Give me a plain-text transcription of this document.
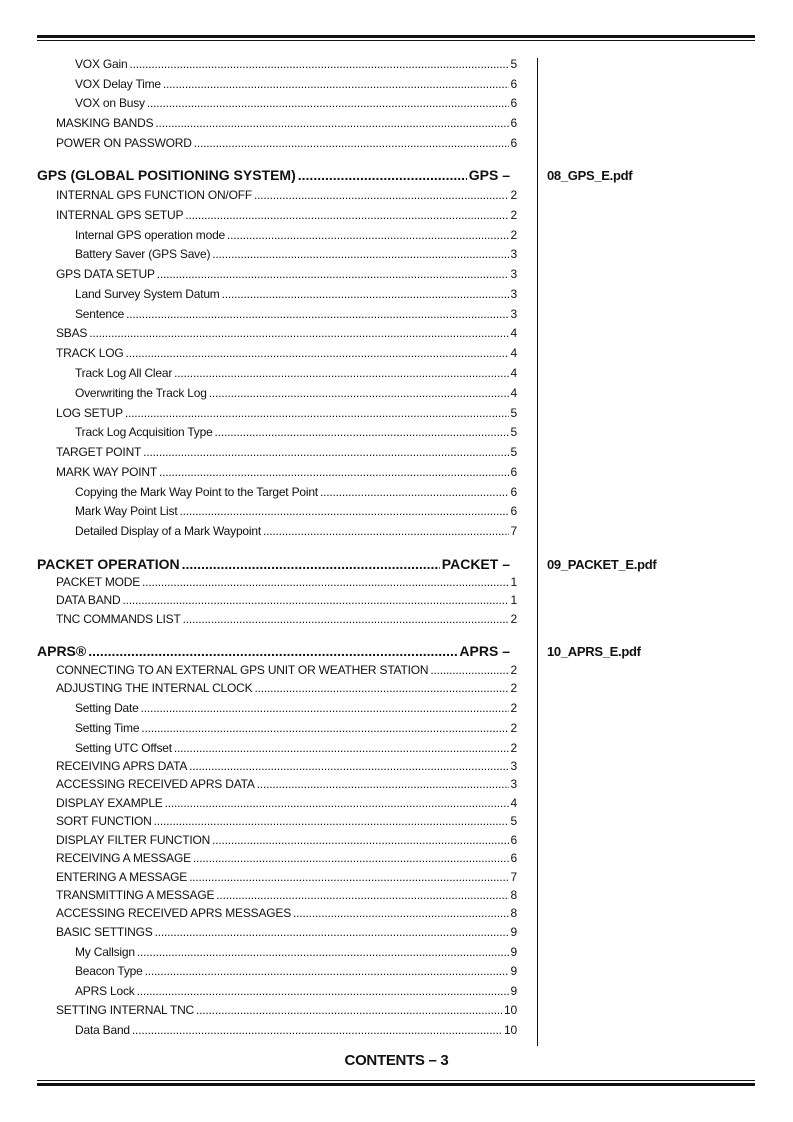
VOX Gain .....	5
VOX Delay Time .....	6
VOX on Busy .....	6
MASKING BANDS .....	6
POWER ON PASSWORD .....	6
GPS (GLOBAL POSITIONING SYSTEM) .....	GPS –	08_GPS_E.pdf
INTERNAL GPS FUNCTION ON/OFF .....	2
INTERNAL GPS SETUP .....	2
Internal GPS operation mode .....	2
Battery Saver (GPS Save) .....	3
GPS DATA SETUP .....	3
Land Survey System Datum .....	3
Sentence .....	3
SBAS .....	4
TRACK LOG .....	4
Track Log All Clear .....	4
Overwriting the Track Log .....	4
LOG SETUP .....	5
Track Log Acquisition Type .....	5
TARGET POINT .....	5
MARK WAY POINT .....	6
Copying the Mark Way Point to the Target Point .....	6
Mark Way Point List .....	6
Detailed Display of a Mark Waypoint .....	7
PACKET OPERATION .....	PACKET –	09_PACKET_E.pdf
PACKET MODE .....	1
DATA BAND .....	1
TNC COMMANDS LIST .....	2
APRS® .....	APRS –	10_APRS_E.pdf
CONNECTING TO AN EXTERNAL GPS UNIT OR WEATHER STATION .....	2
ADJUSTING THE INTERNAL CLOCK .....	2
Setting Date .....	2
Setting Time .....	2
Setting UTC Offset .....	2
RECEIVING APRS DATA .....	3
ACCESSING RECEIVED APRS DATA .....	3
DISPLAY EXAMPLE .....	4
SORT FUNCTION .....	5
DISPLAY FILTER FUNCTION .....	6
RECEIVING A MESSAGE .....	6
ENTERING A MESSAGE .....	7
TRANSMITTING A MESSAGE .....	8
ACCESSING RECEIVED APRS MESSAGES .....	8
BASIC SETTINGS .....	9
My Callsign .....	9
Beacon Type .....	9
APRS Lock .....	9
SETTING INTERNAL TNC .....	10
Data Band .....	10
CONTENTS – 3
